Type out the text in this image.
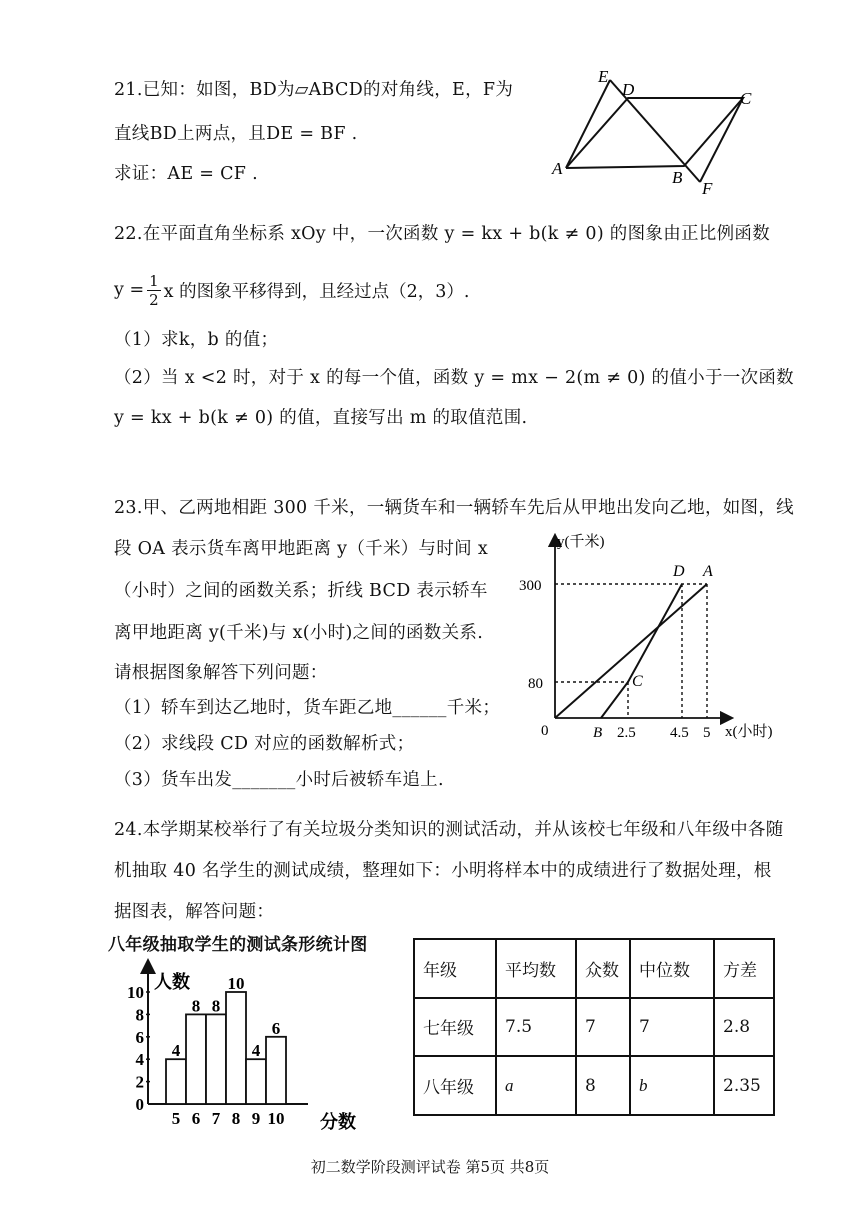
21.已知：如图，BD为▱ABCD的对角线，E，F为
直线BD上两点，且DE = BF .
求证：AE = CF .
E
D	C
A	B
F
22.在平面直角坐标系 xOy 中，一次函数 y = kx + b(k ≠ 0) 的图象由正比例函数
$y = \frac{1}{2}$ x 的图象平移得到，且经过点（2，3）.
（1）求k，b 的值；
（2）当 x <2 时，对于 x 的每一个值，函数 y = mx − 2(m ≠ 0) 的值小于一次函数
y = kx + b(k ≠ 0) 的值，直接写出 m 的取值范围.
23.甲、乙两地相距 300 千米，一辆货车和一辆轿车先后从甲地出发向乙地，如图，线
段 OA 表示货车离甲地距离 y（千米）与时间 x
（小时）之间的函数关系；折线 BCD 表示轿车
离甲地距离 y(千米)与 x(小时)之间的函数关系.
请根据图象解答下列问题：
（1）轿车到达乙地时，货车距乙地______千米；
（2）求线段 CD 对应的函数解析式；
（3）货车出发_______小时后被轿车追上.
y(千米)
x(小时)
0
300
80
B 2.5 4.5 5
D A
C
24.本学期某校举行了有关垃圾分类知识的测试活动，并从该校七年级和八年级中各随
机抽取 40 名学生的测试成绩，整理如下：小明将样本中的成绩进行了数据处理，根
据图表，解答问题：
八年级抽取学生的测试条形统计图
人数
分数
0
2
4
6
8
10
4
5
8
6
8
7
10
8
4
9
6
10
年级	平均数	众数	中位数	方差
七年级	7.5	7	7	2.8
八年级	a	8	b	2.35
初二数学阶段测评试卷 第5页 共8页
